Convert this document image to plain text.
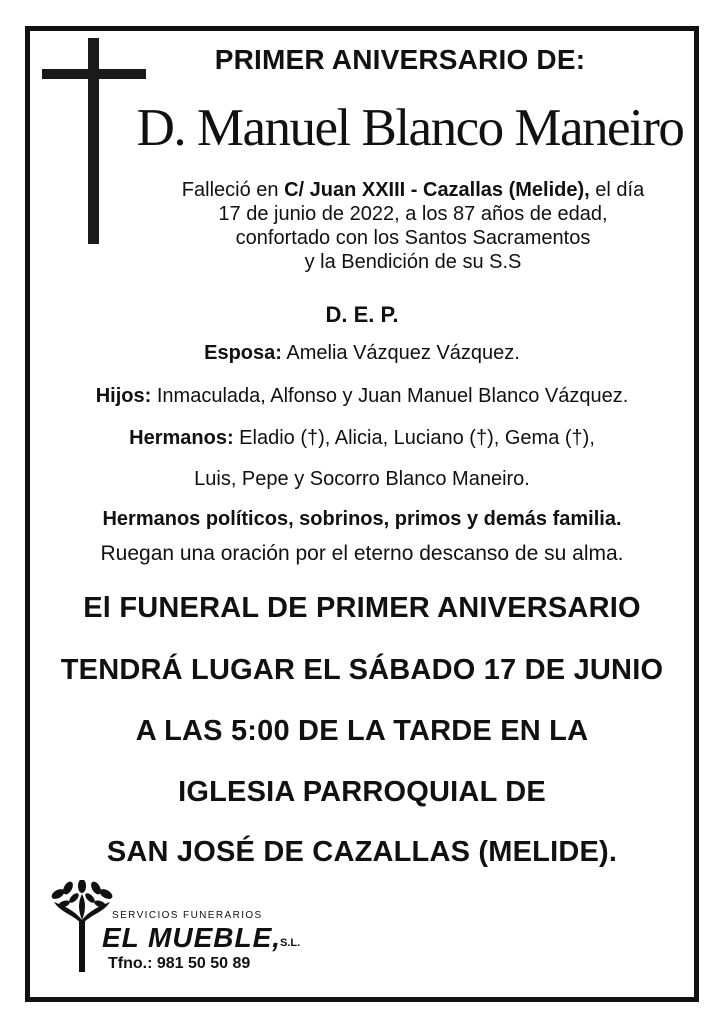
PRIMER ANIVERSARIO DE:
D. Manuel Blanco Maneiro
Falleció en C/ Juan XXIII - Cazallas (Melide), el día
17 de junio de 2022, a los 87 años de edad,
confortado con los Santos Sacramentos
y la Bendición de su S.S
D. E. P.
Esposa: Amelia Vázquez Vázquez.
Hijos: Inmaculada, Alfonso y Juan Manuel Blanco Vázquez.
Hermanos: Eladio (†), Alicia, Luciano (†), Gema (†),
Luis, Pepe y Socorro Blanco Maneiro.
Hermanos políticos, sobrinos, primos y demás familia.
Ruegan una oración por el eterno descanso de su alma.
El FUNERAL DE PRIMER ANIVERSARIO
TENDRÁ LUGAR EL SÁBADO 17 DE JUNIO
A LAS 5:00 DE LA TARDE EN LA
IGLESIA PARROQUIAL DE
SAN JOSÉ DE CAZALLAS (MELIDE).
SERVICIOS FUNERARIOS
EL MUEBLE,
S.L.
Tfno.: 981 50 50 89
